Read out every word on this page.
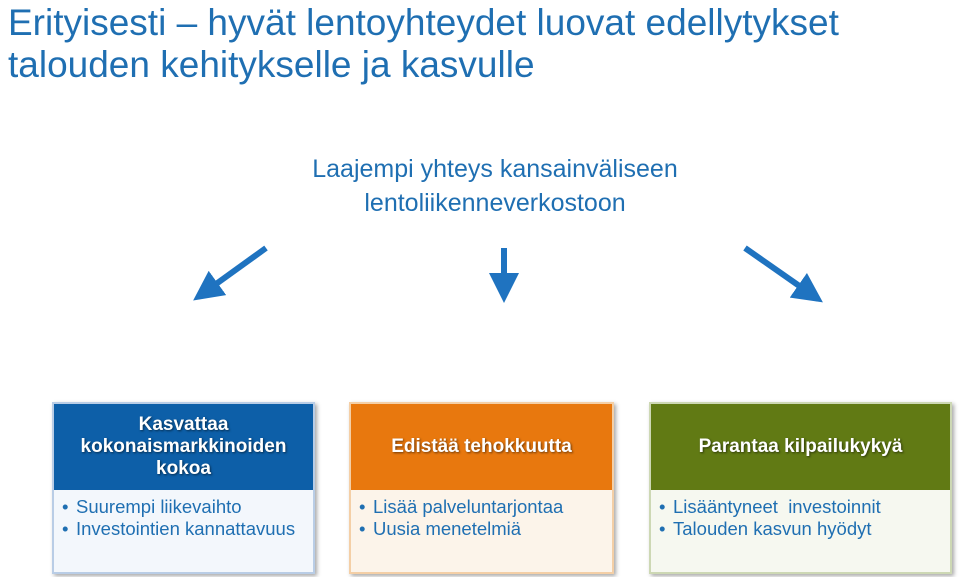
Erityisesti – hyvät lentoyhteydet luovat edellytykset talouden kehitykselle ja kasvulle
Laajempi yhteys kansainväliseen lentoliikenneverkostoon
Kasvattaa kokonaismarkkinoiden kokoa
• Suurempi liikevaihto
• Investointien kannattavuus
Edistää tehokkuutta
• Lisää palveluntarjontaa
• Uusia menetelmiä
Parantaa kilpailukykyä
• Lisääntyneet  investoinnit
• Talouden kasvun hyödyt
